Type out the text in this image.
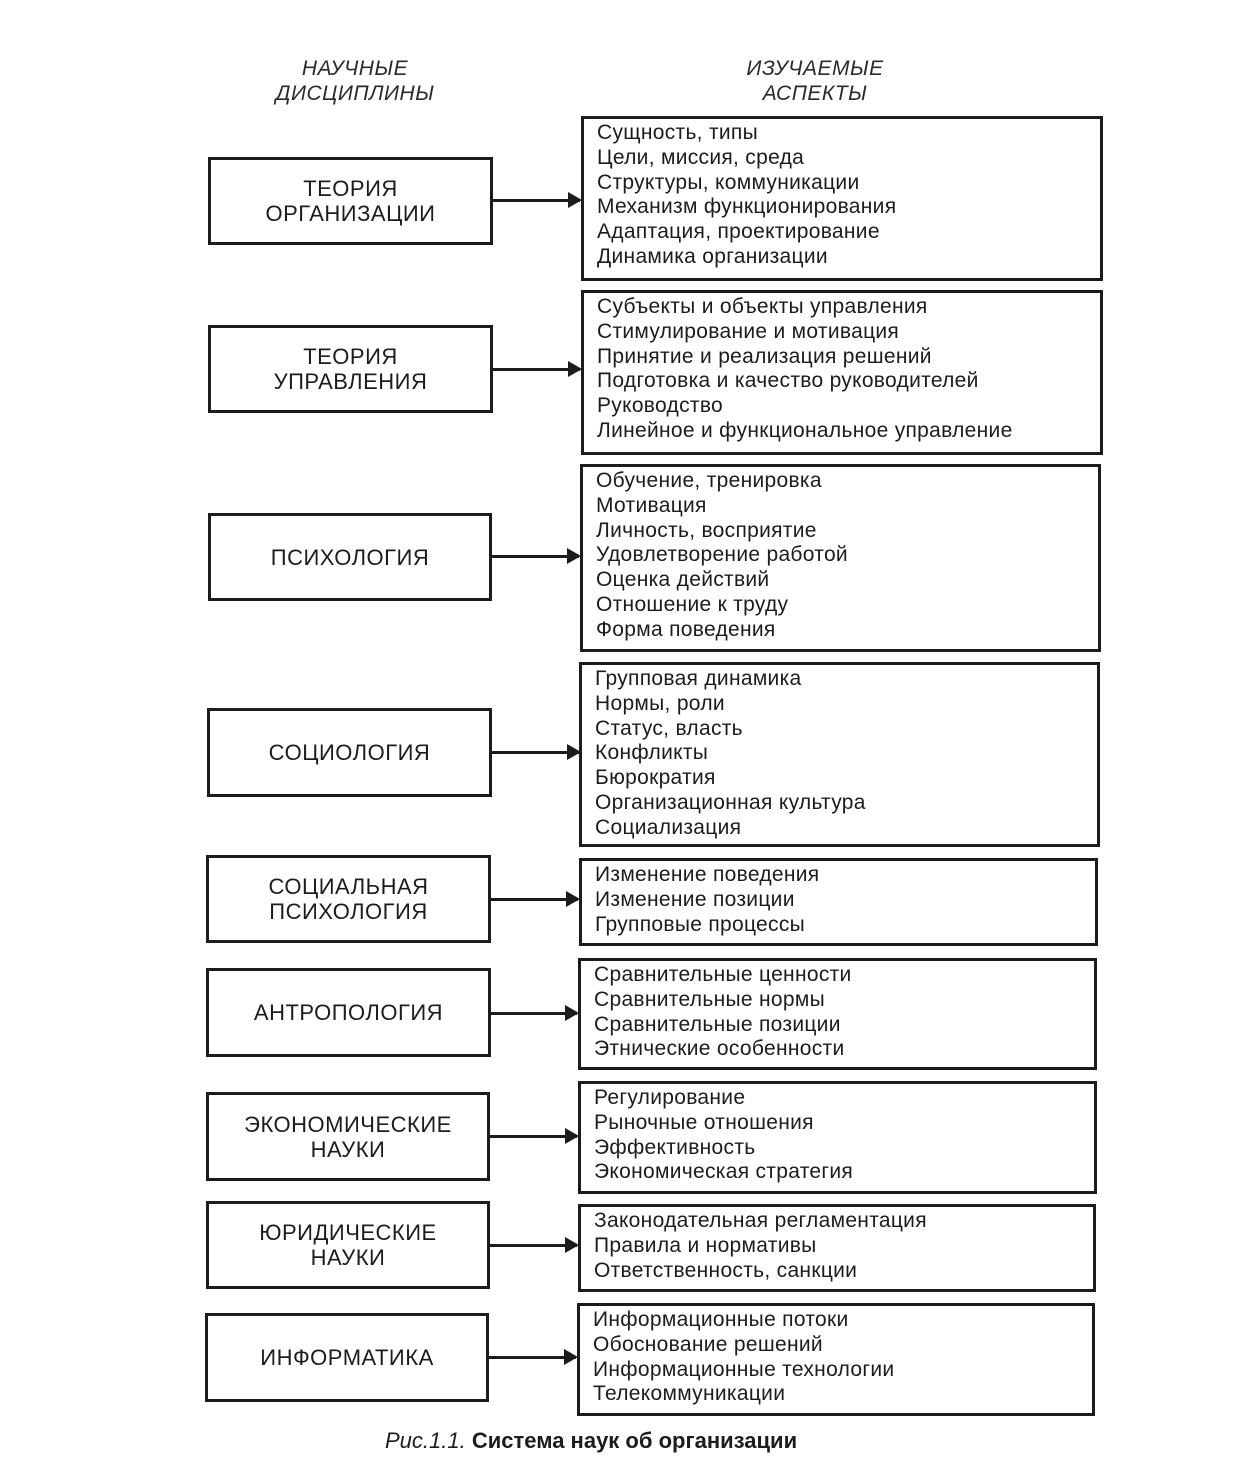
НАУЧНЫЕ
ДИСЦИПЛИНЫ
ИЗУЧАЕМЫЕ
АСПЕКТЫ
ТЕОРИЯ
ОРГАНИЗАЦИИ
Сущность, типы
Цели, миссия, среда
Структуры, коммуникации
Механизм функционирования
Адаптация, проектирование
Динамика организации
ТЕОРИЯ
УПРАВЛЕНИЯ
Субъекты и объекты управления
Стимулирование и мотивация
Принятие и реализация решений
Подготовка и качество руководителей
Руководство
Линейное и функциональное управление
ПСИХОЛОГИЯ
Обучение, тренировка
Мотивация
Личность, восприятие
Удовлетворение работой
Оценка действий
Отношение к труду
Форма поведения
СОЦИОЛОГИЯ
Групповая динамика
Нормы, роли
Статус, власть
Конфликты
Бюрократия
Организационная культура
Социализация
СОЦИАЛЬНАЯ
ПСИХОЛОГИЯ
Изменение поведения
Изменение позиции
Групповые процессы
АНТРОПОЛОГИЯ
Сравнительные ценности
Сравнительные нормы
Сравнительные позиции
Этнические особенности
ЭКОНОМИЧЕСКИЕ
НАУКИ
Регулирование
Рыночные отношения
Эффективность
Экономическая стратегия
ЮРИДИЧЕСКИЕ
НАУКИ
Законодательная регламентация
Правила и нормативы
Ответственность, санкции
ИНФОРМАТИКА
Информационные потоки
Обоснование решений
Информационные технологии
Телекоммуникации
Рис.1.1. Система наук об организации
